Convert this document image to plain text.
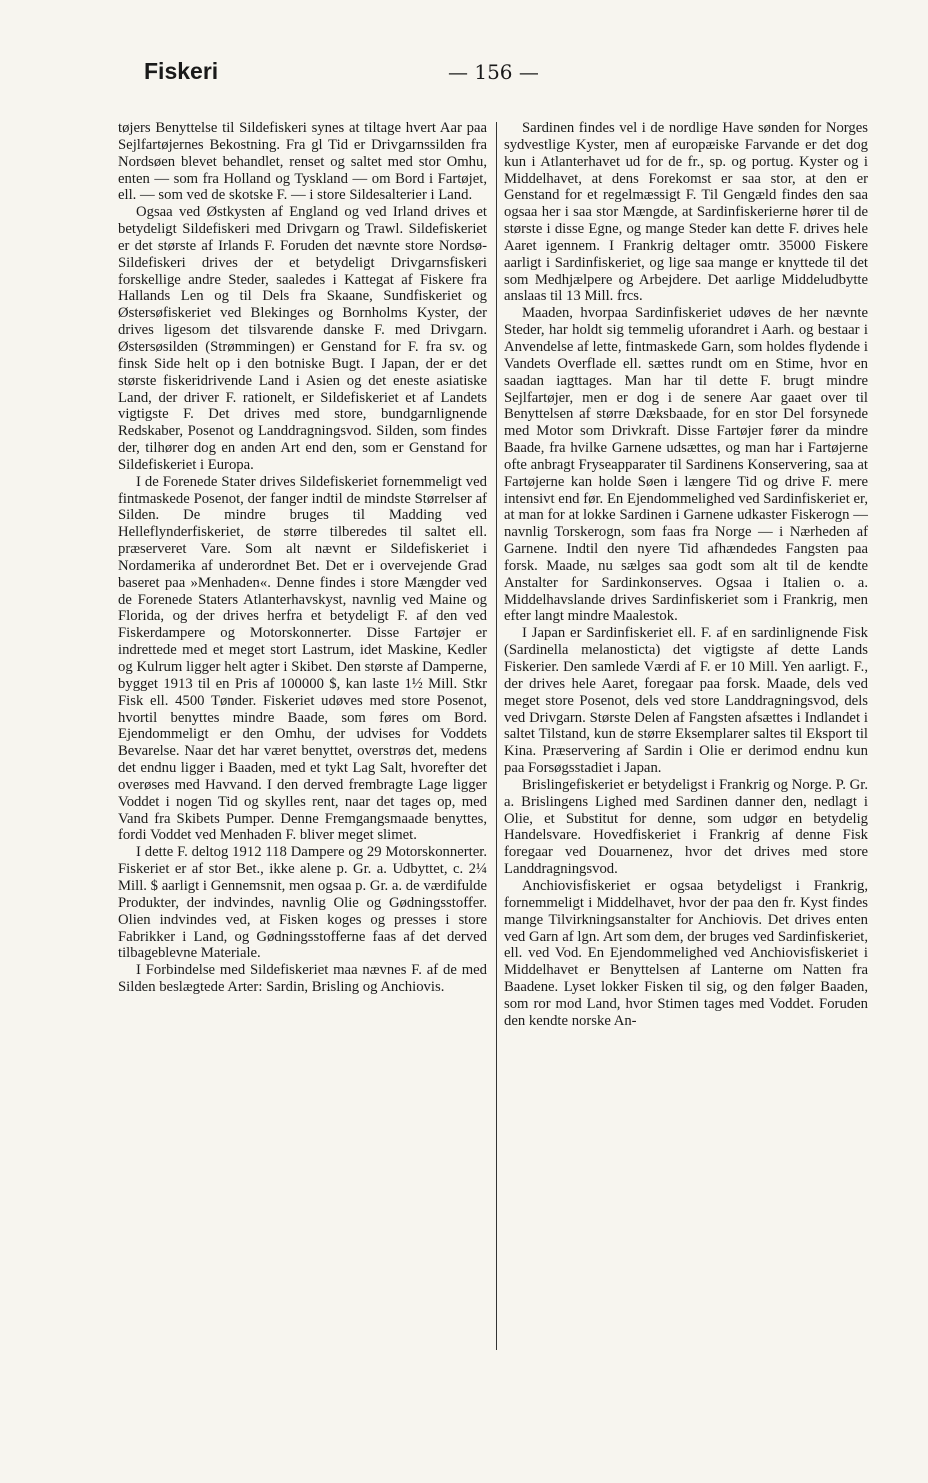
Fiskeri	— 156 —

tøjers Benyttelse til Sildefiskeri synes at tiltage hvert Aar paa Sejlfartøjernes Bekostning. Fra gl Tid er Drivgarnssilden fra Nordsøen blevet behandlet, renset og saltet med stor Omhu, enten — som fra Holland og Tyskland — om Bord i Fartøjet, ell. — som ved de skotske F. — i store Sildesalterier i Land.

Ogsaa ved Østkysten af England og ved Irland drives et betydeligt Sildefiskeri med Drivgarn og Trawl. Sildefiskeriet er det største af Irlands F. Foruden det nævnte store Nordsø-Sildefiskeri drives der et betydeligt Drivgarnsfiskeri forskellige andre Steder, saaledes i Kattegat af Fiskere fra Hallands Len og til Dels fra Skaane, Sundfiskeriet og Østersøfiskeriet ved Blekinges og Bornholms Kyster, der drives ligesom det tilsvarende danske F. med Drivgarn. Østersøsilden (Strømmingen) er Genstand for F. fra sv. og finsk Side helt op i den botniske Bugt. I Japan, der er det største fiskeridrivende Land i Asien og det eneste asiatiske Land, der driver F. rationelt, er Sildefiskeriet et af Landets vigtigste F. Det drives med store, bundgarnlignende Redskaber, Posenot og Landdragningsvod. Silden, som findes der, tilhører dog en anden Art end den, som er Genstand for Sildefiskeriet i Europa.

I de Forenede Stater drives Sildefiskeriet fornemmeligt ved fintmaskede Posenot, der fanger indtil de mindste Størrelser af Silden. De mindre bruges til Madding ved Helleflynderfiskeriet, de større tilberedes til saltet ell. præserveret Vare. Som alt nævnt er Sildefiskeriet i Nordamerika af underordnet Bet. Det er i overvejende Grad baseret paa »Menhaden«. Denne findes i store Mængder ved de Forenede Staters Atlanterhavskyst, navnlig ved Maine og Florida, og der drives herfra et betydeligt F. af den ved Fiskerdampere og Motorskonnerter. Disse Fartøjer er indrettede med et meget stort Lastrum, idet Maskine, Kedler og Kulrum ligger helt agter i Skibet. Den største af Damperne, bygget 1913 til en Pris af 100000 $, kan laste 1½ Mill. Stkr Fisk ell. 4500 Tønder. Fiskeriet udøves med store Posenot, hvortil benyttes mindre Baade, som føres om Bord. Ejendommeligt er den Omhu, der udvises for Voddets Bevarelse. Naar det har været benyttet, overstrøs det, medens det endnu ligger i Baaden, med et tykt Lag Salt, hvorefter det overøses med Havvand. I den derved frembragte Lage ligger Voddet i nogen Tid og skylles rent, naar det tages op, med Vand fra Skibets Pumper. Denne Fremgangsmaade benyttes, fordi Voddet ved Menhaden F. bliver meget slimet.

I dette F. deltog 1912 118 Dampere og 29 Motorskonnerter. Fiskeriet er af stor Bet., ikke alene p. Gr. a. Udbyttet, c. 2¼ Mill. $ aarligt i Gennemsnit, men ogsaa p. Gr. a. de værdifulde Produkter, der indvindes, navnlig Olie og Gødningsstoffer. Olien indvindes ved, at Fisken koges og presses i store Fabrikker i Land, og Gødningsstofferne faas af det derved tilbageblevne Materiale.

I Forbindelse med Sildefiskeriet maa nævnes F. af de med Silden beslægtede Arter: Sardin, Brisling og Anchiovis.

Sardinen findes vel i de nordlige Have sønden for Norges sydvestlige Kyster, men af europæiske Farvande er det dog kun i Atlanterhavet ud for de fr., sp. og portug. Kyster og i Middelhavet, at dens Forekomst er saa stor, at den er Genstand for et regelmæssigt F. Til Gengæld findes den saa ogsaa her i saa stor Mængde, at Sardinfiskerierne hører til de største i disse Egne, og mange Steder kan dette F. drives hele Aaret igennem. I Frankrig deltager omtr. 35000 Fiskere aarligt i Sardinfiskeriet, og lige saa mange er knyttede til det som Medhjælpere og Arbejdere. Det aarlige Middeludbytte anslaas til 13 Mill. frcs.

Maaden, hvorpaa Sardinfiskeriet udøves de her nævnte Steder, har holdt sig temmelig uforandret i Aarh. og bestaar i Anvendelse af lette, fintmaskede Garn, som holdes flydende i Vandets Overflade ell. sættes rundt om en Stime, hvor en saadan iagttages. Man har til dette F. brugt mindre Sejlfartøjer, men er dog i de senere Aar gaaet over til Benyttelsen af større Dæksbaade, for en stor Del forsynede med Motor som Drivkraft. Disse Fartøjer fører da mindre Baade, fra hvilke Garnene udsættes, og man har i Fartøjerne ofte anbragt Fryseapparater til Sardinens Konservering, saa at Fartøjerne kan holde Søen i længere Tid og drive F. mere intensivt end før. En Ejendommelighed ved Sardinfiskeriet er, at man for at lokke Sardinen i Garnene udkaster Fiskerogn — navnlig Torskerogn, som faas fra Norge — i Nærheden af Garnene. Indtil den nyere Tid afhændedes Fangsten paa forsk. Maade, nu sælges saa godt som alt til de kendte Anstalter for Sardinkonserves. Ogsaa i Italien o. a. Middelhavslande drives Sardinfiskeriet som i Frankrig, men efter langt mindre Maalestok.

I Japan er Sardinfiskeriet ell. F. af en sardinlignende Fisk (Sardinella melanosticta) det vigtigste af dette Lands Fiskerier. Den samlede Værdi af F. er 10 Mill. Yen aarligt. F., der drives hele Aaret, foregaar paa forsk. Maade, dels ved meget store Posenot, dels ved store Landdragningsvod, dels ved Drivgarn. Største Delen af Fangsten afsættes i Indlandet i saltet Tilstand, kun de større Eksemplarer saltes til Eksport til Kina. Præservering af Sardin i Olie er derimod endnu kun paa Forsøgsstadiet i Japan.

Brislingefiskeriet er betydeligst i Frankrig og Norge. P. Gr. a. Brislingens Lighed med Sardinen danner den, nedlagt i Olie, et Substitut for denne, som udgør en betydelig Handelsvare. Hovedfiskeriet i Frankrig af denne Fisk foregaar ved Douarnenez, hvor det drives med store Landdragningsvod.

Anchiovisfiskeriet er ogsaa betydeligst i Frankrig, fornemmeligt i Middelhavet, hvor der paa den fr. Kyst findes mange Tilvirkningsanstalter for Anchiovis. Det drives enten ved Garn af lgn. Art som dem, der bruges ved Sardinfiskeriet, ell. ved Vod. En Ejendommelighed ved Anchiovisfiskeriet i Middelhavet er Benyttelsen af Lanterne om Natten fra Baadene. Lyset lokker Fisken til sig, og den følger Baaden, som ror mod Land, hvor Stimen tages med Voddet. Foruden den kendte norske An-
